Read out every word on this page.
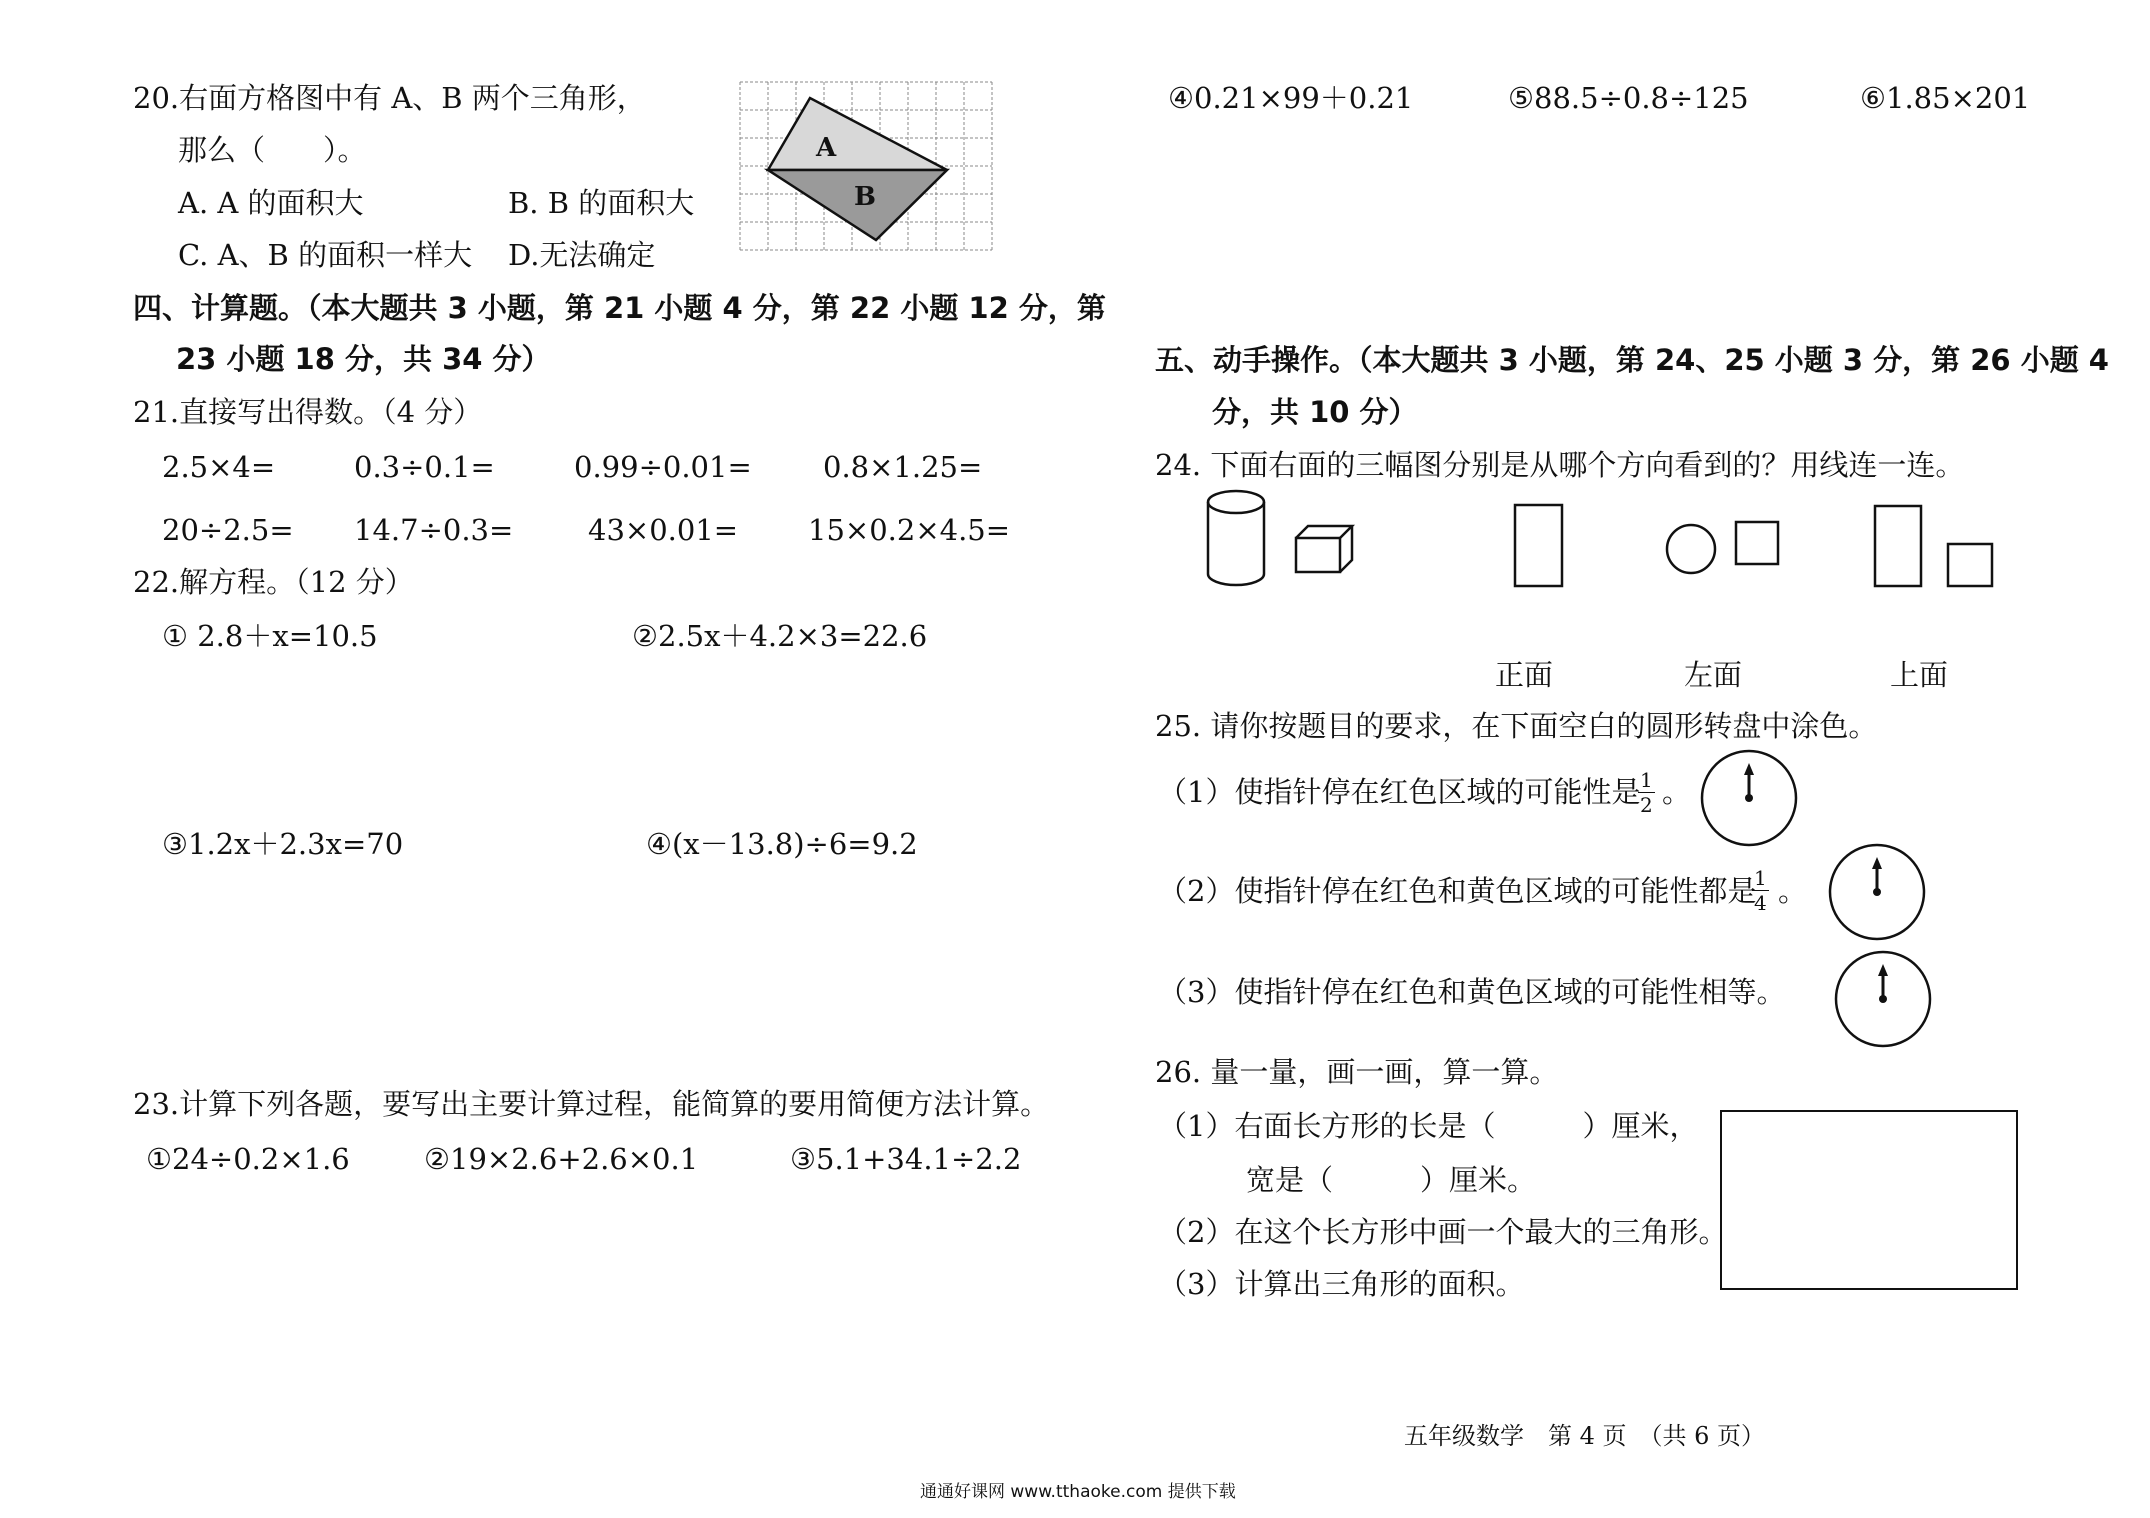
20.右面方格图中有 A、B 两个三角形，
那么（　　）。
A. A 的面积大	B. B 的面积大
C. A、B 的面积一样大 D.无法确定
A
B
四、计算题。（本大题共 3 小题，第 21 小题 4 分，第 22 小题 12 分，第
23 小题 18 分，共 34 分）
21.直接写出得数。（4 分）
2.5×4=	0.3÷0.1=	0.99÷0.01= 0.8×1.25=
20÷2.5= 14.7÷0.3=	43×0.01= 15×0.2×4.5=
22.解方程。（12 分）
① 2.8＋x=10.5	②2.5x＋4.2×3=22.6
③1.2x＋2.3x=70	④(x－13.8)÷6=9.2
23.计算下列各题，要写出主要计算过程，能简算的要用简便方法计算。
①24÷0.2×1.6	②19×2.6+2.6×0.1	③5.1+34.1÷2.2
④0.21×99＋0.21	⑤88.5÷0.8÷125	⑥1.85×201
五、动手操作。（本大题共 3 小题，第 24、25 小题 3 分，第 26 小题 4
分，共 10 分）
24. 下面右面的三幅图分别是从哪个方向看到的？用线连一连。
正面	左面	上面
25. 请你按题目的要求，在下面空白的圆形转盘中涂色。
（1）使指针停在红色区域的可能性是
$\frac{1}{2}$ 。
（2）使指针停在红色和黄色区域的可能性都是
$\frac{1}{4}$ 。
（3）使指针停在红色和黄色区域的可能性相等。
26. 量一量，画一画，算一算。
（1）右面长方形的长是（　　　）厘米，
宽是（　　　）厘米。
（2）在这个长方形中画一个最大的三角形。
（3）计算出三角形的面积。
五年级数学　第 4 页　（共 6 页）
通通好课网 www.tthaoke.com 提供下载
